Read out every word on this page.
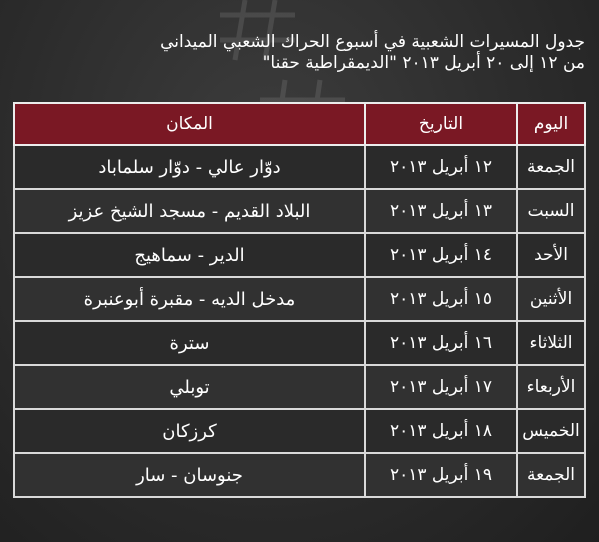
جدول المسيرات الشعبية في أسبوع الحراك الشعبي الميداني
من ١٢ إلى ٢٠ أبريل ٢٠١٣ "الديمقراطية حقنا"
اليوم	التاريخ	المكان
الجمعة	١٢ أبريل ٢٠١٣	دوّار عالي - دوّار سلماباد
السبت	١٣ أبريل ٢٠١٣	البلاد القديم - مسجد الشيخ عزيز
الأحد	١٤ أبريل ٢٠١٣	الدير - سماهيج
الأثنين	١٥ أبريل ٢٠١٣	مدخل الديه - مقبرة أبوعنبرة
الثلاثاء	١٦ أبريل ٢٠١٣	سترة
الأربعاء	١٧ أبريل ٢٠١٣	توبلي
الخميس	١٨ أبريل ٢٠١٣	كرزكان
الجمعة	١٩ أبريل ٢٠١٣	جنوسان - سار
